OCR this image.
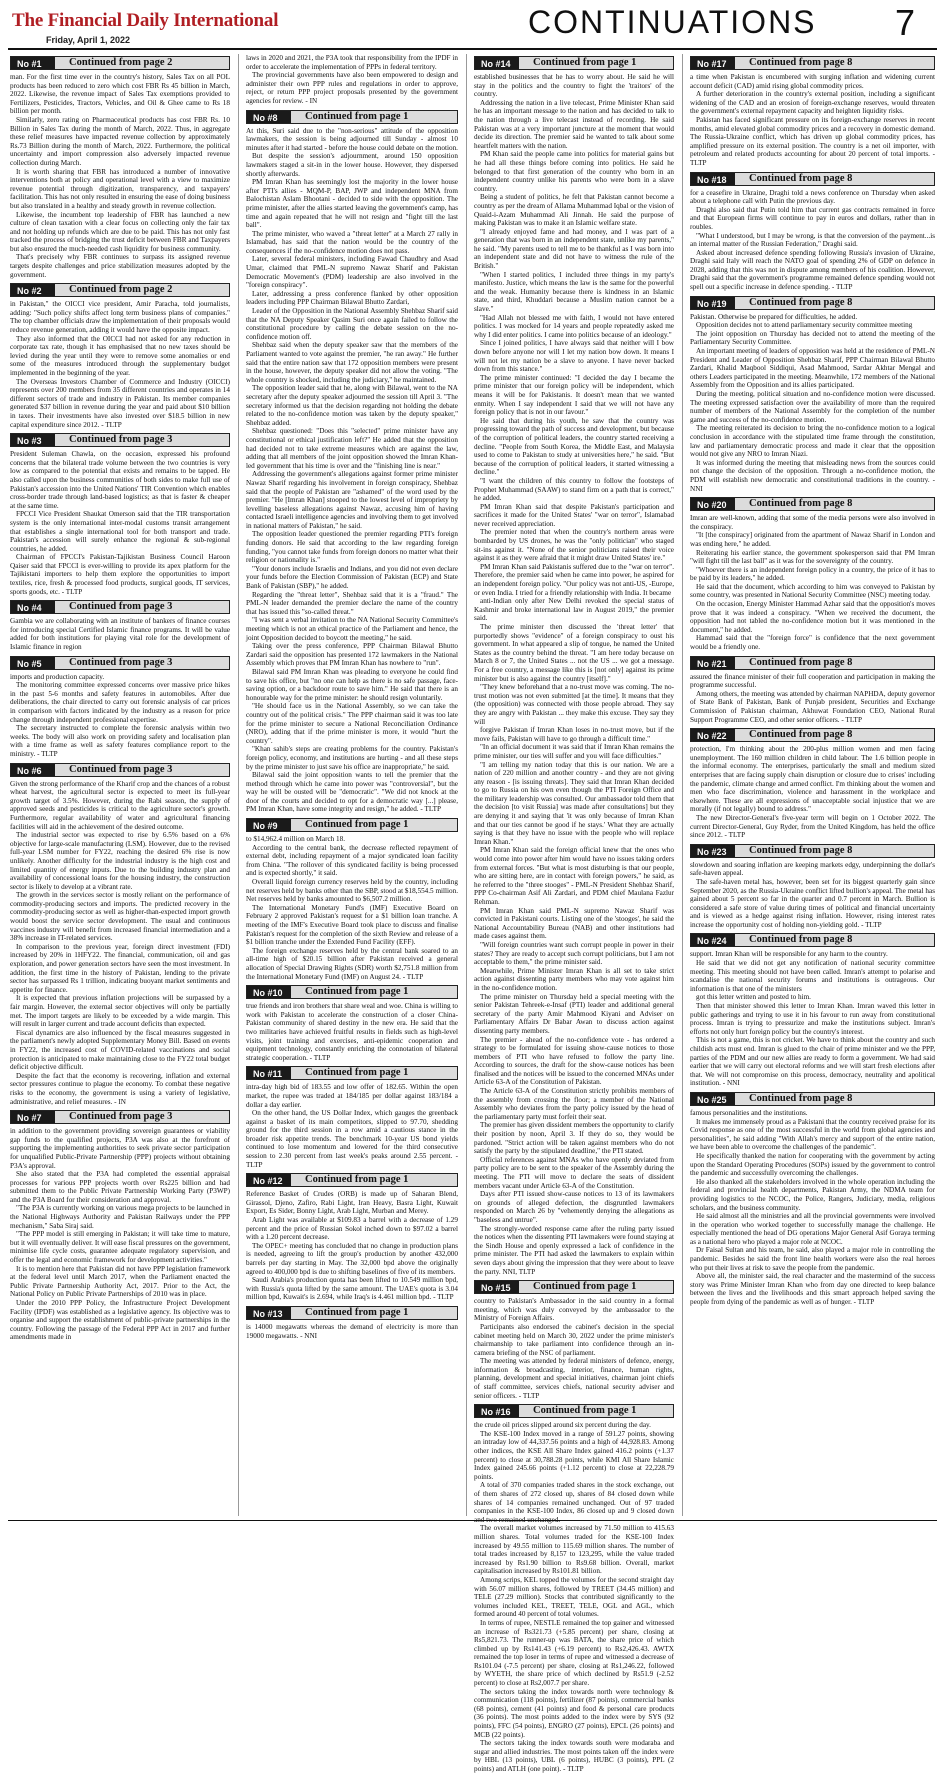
The Financial Daily International
Friday, April 1, 2022	CONTINUATIONS 7
No #1	Continued from page 2

man. For the first time ever in the country's history, Sales Tax on all POL products has been reduced to zero which cost FBR Rs 45 billion in March, 2022. Likewise, the revenue impact of Sales Tax exemptions provided to Fertilizers, Pesticides, Tractors, Vehicles, and Oil & Ghee came to Rs 18 billion per month.

Similarly, zero rating on Pharmaceutical products has cost FBR Rs. 10 Billion in Sales Tax during the month of March, 2022. Thus, in aggregate these relief measures have impacted revenue collection by approximately Rs.73 Billion during the month of March, 2022. Furthermore, the political uncertainty and import compression also adversely impacted revenue collection during March.

It is worth sharing that FBR has introduced a number of innovative interventions both at policy and operational level with a view to maximize revenue potential through digitization, transparency, and taxpayers' facilitation. This has not only resulted in ensuring the ease of doing business but also translated in a healthy and steady growth in revenue collection.

Likewise, the incumbent top leadership of FBR has launched a new culture of clean taxation with a clear focus on collecting only the fair tax and not holding up refunds which are due to be paid. This has not only fast tracked the process of bridging the trust deficit between FBR and Taxpayers but also ensured the much-needed cash liquidity for business community.

That's precisely why FBR continues to surpass its assigned revenue targets despite challenges and price stabilization measures adopted by the government.

No #2	Continued from page 2

in Pakistan," the OICCI vice president, Amir Paracha, told journalists, adding: "Such policy shifts affect long term business plans of companies." The top chamber officials draw the implementation of their proposals would reduce revenue generation, adding it would have the opposite impact.

They also informed that the OICCI had not asked for any reduction in corporate tax rate, though it has emphasised that no new taxes should be levied during the year until they were to remove some anomalies or end some of the measures introduced through the supplementary budget implemented in the beginning of the year.

The Overseas Investors Chamber of Commerce and Industry (OICCI) represents over 200 members from 35 different countries and operates in 14 different sectors of trade and industry in Pakistan. Its member companies generated $37 billion in revenue during the year and paid about $10 billion in taxes. Their investments have also invested over $18.5 billion in new capital expenditure since 2012. - TLTP

No #3	Continued from page 3

President Suleman Chawla, on the occasion, expressed his profound concerns that the bilateral trade volume between the two countries is very low as compared to the potential that exists and remains to be tapped. He also called upon the business communities of both sides to make full use of Pakistan's accession into the United Nations' TIR Convention which enables cross-border trade through land-based logistics; as that is faster & cheaper at the same time.

FPCCI Vice President Shaukat Omerson said that the TIR transportation system is the only international inter-modal customs transit arrangement that establishes a single international tool for both transport and trade. Pakistan's accession will surely enhance the regional & sub-regional countries, he added.

Chairman of FPCCI's Pakistan-Tajikistan Business Council Haroon Qaiser said that FPCCI is ever-willing to provide its apex platform for the Tajikistani importers to help them explore the opportunities to import textiles, rice, fresh & processed food products, surgical goods, IT services, sports goods, etc. - TLTP

No #4	Continued from page 3

Gambia we are collaborating with an institute of bankers of finance courses for introducing special Certified Islamic finance programs. It will be value added for both institutions for playing vital role for the development of Islamic finance in region

No #5	Continued from page 3

imports and production capacity.

The monitoring committee expressed concerns over massive price hikes in the past 5-6 months and safety features in automobiles. After due deliberations, the chair directed to carry out forensic analysis of car prices in comparison with factors indicated by the industry as a reason for price change through independent professional expertise.

The secretary instructed to complete the forensic analysis within two weeks. The body will also work on providing safety and localisation plan with a time frame as well as safety features compliance report to the ministry. - TLTP

No #6	Continued from page 3

Given the strong performance of the Kharif crop and the chances of a robust wheat harvest, the agricultural sector is expected to meet its full-year growth target of 3.5%. However, during the Rabi season, the supply of approved seeds and pesticides is critical to the agriculture sector's growth. Furthermore, regular availability of water and agricultural financing facilities will aid in the achievement of the desired outcome.

The industrial sector was expected to rise by 6.5% based on a 6% objective for large-scale manufacturing (LSM). However, due to the revised full-year LSM number for FY22, reaching the desired 6% rise is now unlikely. Another difficulty for the industrial industry is the high cost and limited quantity of energy inputs. Due to the building industry plan and availability of concessional loans for the housing industry, the construction sector is likely to develop at a vibrant rate.

The growth in the services sector is mostly reliant on the performance of commodity-producing sectors and imports. The predicted recovery in the commodity-producing sector as well as higher-than-expected import growth would boost the service sector development. The usual and continuous vaccines industry will benefit from increased financial intermediation and a 38% increase in IT-related services.

In comparison to the previous year, foreign direct investment (FDI) increased by 20% in 1HFY22. The financial, communication, oil and gas exploration, and power generation sectors have seen the most investment. In addition, the first time in the history of Pakistan, lending to the private sector has surpassed Rs 1 trillion, indicating buoyant market sentiments and appetite for finance.

It is expected that previous inflation projections will be surpassed by a fair margin. However, the external sector objectives will only be partially met. The import targets are likely to be exceeded by a wide margin. This will result in larger current and trade account deficits than expected.

Fiscal dynamics are also influenced by the fiscal measures suggested in the parliament's newly adopted Supplementary Money Bill. Based on events in FY22, the increased cost of COVID-related vaccinations and social protection is anticipated to make maintaining close to the FY22 total budget deficit objective difficult.

Despite the fact that the economy is recovering, inflation and external sector pressures continue to plague the economy. To combat these negative risks to the economy, the government is using a variety of legislative, administrative, and relief measures. - IN

No #7	Continued from page 3

in addition to the government providing sovereign guarantees or viability gap funds to the qualified projects, P3A was also at the forefront of supporting the implementing authorities to seek private sector participation for unqualified Public-Private Partnership (PPP) projects without obtaining P3A's approval.

She also stated that the P3A had completed the essential appraisal processes for various PPP projects worth over Rs225 billion and had submitted them to the Public Private Partnership Working Party (P3WP) and the P3A Board for their consideration and approval.

"The P3A is currently working on various mega projects to be launched in the National Highways Authority and Pakistan Railways under the PPP mechanism," Saba Siraj said.

"The PPP model is still emerging in Pakistan; it will take time to mature, but it will eventually deliver. It will ease fiscal pressures on the government, minimise life cycle costs, guarantee adequate regulatory supervision, and offer the legal and economic framework for development activities."

It is to mention here that Pakistan did not have PPP legislation framework at the federal level until March 2017, when the Parliament enacted the Public Private Partnership Authority Act, 2017. Prior to the Act, the National Policy on Public Private Partnerships of 2010 was in place.

Under the 2010 PPP Policy, the Infrastructure Project Development Facility (IPDF) was established as a legislative agency. Its objective was to organise and support the establishment of public-private partnerships in the country. Following the passage of the Federal PPP Act in 2017 and further amendments made in

laws in 2020 and 2021, the P3A took that responsibility from the IPDF in order to accelerate the implementation of PPPs in federal territory.

The provincial governments have also been empowered to design and administer their own PPP rules and regulations in order to approve, reject, or return PPP project proposals presented by the government agencies for review. - IN

No #8	Continued from page 1

At this, Suri said due to the "non-serious" attitude of the opposition lawmakers, the session is being adjourned till Sunday - almost 10 minutes after it had started - before the house could debate on the motion.

But despite the session's adjournment, around 150 opposition lawmakers staged a sit-in in the lower house. However, they dispersed shortly afterwards.

PM Imran Khan has seemingly lost the majority in the lower house after PTI's allies - MQM-P, BAP, JWP and independent MNA from Balochistan Aslam Bhootani - decided to side with the opposition. The prime minister, after the allies started leaving the government's camp, has time and again repeated that he will not resign and "fight till the last ball".

The prime minister, who waved a "threat letter" at a March 27 rally in Islamabad, has said that the nation would be the country of the consequences if the no-confidence motion does not pass.

Later, several federal ministers, including Fawad Chaudhry and Asad Umar, claimed that PML-N supremo Nawaz Sharif and Pakistan Democratic Movement's (PDM) leadership are also involved in the "foreign conspiracy".

Later, addressing a press conference flanked by other opposition leaders including PPP Chairman Bilawal Bhutto Zardari,

Leader of the Opposition in the National Assembly Shehbaz Sharif said that the NA Deputy Speaker Qasim Suri once again failed to follow the constitutional procedure by calling the debate session on the no-confidence motion off.

Shehbaz said when the deputy speaker saw that the members of the Parliament wanted to vote against the premier, "he ran away." He further said that the entire nation saw that 172 opposition members were present in the house, however, the deputy speaker did not allow the voting. "The whole country is shocked, including the judiciary," he maintained.

The opposition leader said that he, along with Bilawal, went to the NA secretary after the deputy speaker adjourned the session till April 3. "The secretary informed us that the decision regarding not holding the debate related to the no-confidence motion was taken by the deputy speaker," Shehbaz added.

Shehbaz questioned: "Does this "selected" prime minister have any constitutional or ethical justification left?" He added that the opposition had decided not to take extreme measures which are against the law, adding that all members of the joint opposition showed the Imran Khan-led government that his time is over and the "finishing line is near."

Addressing the government's allegations against former prime minister Nawaz Sharif regarding his involvement in foreign conspiracy, Shehbaz said that the people of Pakistan are "ashamed" of the word used by the premier. "He [Imran Khan] stooped to the lowest level of impropriety by levelling baseless allegations against Nawaz, accusing him of having contacted Israeli intelligence agencies and involving them to get involved in national matters of Pakistan," he said.

The opposition leader questioned the premier regarding PTI's foreign funding donors. He said that according to the law regarding foreign funding, "you cannot take funds from foreign donors no matter what their religion or nationality is."

"Your donors include Israelis and Indians, and you did not even declare your funds before the Election Commission of Pakistan (ECP) and State Bank of Pakistan (SBP)," he added.

Regarding the "threat letter", Shehbaz said that it is a "fraud." The PML-N leader demanded the premier declare the name of the country that has issued this "so-called threat."

"I was sent a verbal invitation to the NA National Security Committee's meeting which is not an ethical practice of the Parliament and hence, the joint Opposition decided to boycott the meeting," he said.

Taking over the press conference, PPP Chairman Bilawal Bhutto Zardari said the opposition has presented 172 lawmakers in the National Assembly which proves that PM Imran Khan has nowhere to "run".

Bilawal said PM Imran Khan was pleading to everyone he could find to save his office, but "no one can help as there is no safe passage, face-saving option, or a backdoor route to save him." He said that there is an honourable way for the prime minister: he should resign voluntarily.

"He should face us in the National Assembly, so we can take the country out of the political crisis." The PPP chairman said it was too late for the prime minister to secure a National Reconciliation Ordinance (NRO), adding that if the prime minister is more, it would "hurt the country".

"Khan sahib's steps are creating problems for the country. Pakistan's foreign policy, economy, and institutions are hurting - and all these steps by the prime minister to just save his office are inappropriate," he said.

Bilawal said the joint opposition wants to tell the premier that the method through which he came into power was "controversial", but the way he will be ousted will be "democratic". "We did not knock at the door of the courts and decided to opt for a democratic way [...] please, PM Imran Khan, have some integrity and resign," he added. - TLTP

No #9	Continued from page 1

to $14,962.4 million on March 18.

According to the central bank, the decrease reflected repayment of external debt, including repayment of a major syndicated loan facility from China. "The rollover of this syndicated facility is being processed and is expected shortly," it said.

Overall liquid foreign currency reserves held by the country, including net reserves held by banks other than the SBP, stood at $18,554.5 million. Net reserves held by banks amounted to $6,507.2 million.

The International Monetary Fund's (IMF) Executive Board on February 2 approved Pakistan's request for a $1 billion loan tranche. A meeting of the IMF's Executive Board took place to discuss and finalise Pakistan's request for the completion of the sixth Review and release of a $1 billion tranche under the Extended Fund Facility (EFF).

The foreign exchange reserves held by the central bank soared to an all-time high of $20.15 billion after Pakistan received a general allocation of Special Drawing Rights (SDR) worth $2,751.8 million from the International Monetary Fund (IMF) on August 24. - TLTP

No #10	Continued from page 1

true friends and iron brothers that share weal and woe. China is willing to work with Pakistan to accelerate the construction of a closer China-Pakistan community of shared destiny in the new era. He said that the two militaries have achieved fruitful results in fields such as high-level visits, joint training and exercises, anti-epidemic cooperation and equipment technology, constantly enriching the connotation of bilateral strategic cooperation. - TLTP

No #11	Continued from page 1

intra-day high bid of 183.55 and low offer of 182.65. Within the open market, the rupee was traded at 184/185 per dollar against 183/184 a dollar a day earlier.

On the other hand, the US Dollar Index, which gauges the greenback against a basket of its main competitors, slipped to 97.70, shedding ground for the third session in a row amid a cautious stance in the broader risk appetite trends. The benchmark 10-year US bond yields continued to lose momentum and lowered for the third consecutive session to 2.30 percent from last week's peaks around 2.55 percent. - TLTP

No #12	Continued from page 1

Reference Basket of Crudes (ORB) is made up of Saharan Blend, Girassol, Djeno, Zafiro, Rabi Light, Iran Heavy, Basra Light, Kuwait Export, Es Sider, Bonny Light, Arab Light, Murban and Merey.

Arab Light was available at $109.83 a barrel with a decrease of 1.29 percent and the price of Russian Sokol inched down to $97.02 a barrel with a 1.20 percent decrease.

The OPEC+ meeting has concluded that no change in production plans is needed, agreeing to lift the group's production by another 432,000 barrels per day starting in May. The 32,000 bpd above the originally agreed to 400,000 bpd is due to shifting baselines of five of its members.

Saudi Arabia's production quota has been lifted to 10.549 million bpd, with Russia's quota lifted by the same amount. The UAE's quota is 3.04 million bpd, Kuwait's is 2.694, while Iraq's is 4.461 million bpd. - TLTP

No #13	Continued from page 1

is 14000 megawatts whereas the demand of electricity is more than 19000 megawatts. - NNI

No #14	Continued from page 1

established businesses that he has to worry about. He said he will stay in the politics and the country to fight the 'traitors' of the country.

Addressing the nation in a live telecast, Prime Minister Khan said he has an important message to the nation and has decided to talk to the nation through a live telecast instead of recording. He said Pakistan was at a very important juncture at the moment that would decide its direction. The premier said he wanted to talk about some heartfelt matters with the nation.

PM Khan said the people came into politics for material gains but he had all these things before coming into politics. He said he belonged to that first generation of the country who born in an independent country unlike his parents who were born in a slave country.

Being a student of politics, he felt that Pakistan cannot become a country as per the dream of Allama Muhammad Iqbal or the vision of Quaid-i-Azam Muhammad Ali Jinnah. He said the purpose of making Pakistan was to make it an Islamic welfare state.

"I already enjoyed fame and had money, and I was part of a generation that was born in an independent state, unlike my parents," he said. "My parents used to tell me to be thankful as I was born into an independent state and did not have to witness the rule of the British."

"When I started politics, I included three things in my party's manifesto. Justice, which means the law is the same for the powerful and the weak. Humanity because there is kindness in an Islamic state, and third, Khuddari because a Muslim nation cannot be a slave."

"Had Allah not blessed me with faith, I would not have entered politics. I was mocked for 14 years and people repeatedly asked me why I did enter politics. I came into politics because of an ideology."

Since I joined politics, I have always said that neither will I bow down before anyone nor will I let my nation bow down. It means I will not let my nation be a slave to anyone. I have never backed down from this stance."

The prime minister continued: "I decided the day I became the prime minister that our foreign policy will be independent, which means it will be for Pakistanis. It doesn't mean that we wanted enmity. When I say independent I said that we will not have any foreign policy that is not in our favour."

He said that during his youth, he saw that the country was progressing toward the path of success and development, but because of the corruption of political leaders, the country started receiving a decline. "People from South Korea, the Middle East, and Malaysia used to come to Pakistan to study at universities here," he said. "But because of the corruption of political leaders, it started witnessing a decline."

"I want the children of this country to follow the footsteps of Prophet Muhammad (SAAW) to stand firm on a path that is correct," he added.

PM Imran Khan said that despite Pakistan's participation and sacrifices it made for the United States' "war on terror", Islamabad never received appreciation.

The premier noted that when the country's northern areas were bombarded by US drones, he was the "only politician" who staged sit-ins against it. "None of the senior politicians raised their voice against it as they were afraid that it might draw United States' ire."

PM Imran Khan said Pakistanis suffered due to the "war on terror". Therefore, the premier said when he came into power, he aspired for an independent foreign policy. "Our policy was not anti-US, -Europe, or even India. I tried for a friendly relationship with India. It became

anti-Indian only after New Delhi revoked the special status of Kashmir and broke international law in August 2019," the premier said.

The prime minister then discussed the 'threat letter' that purportedly shows "evidence" of a foreign conspiracy to oust his government. In what appeared a slip of tongue, he named the United States as the country behind the threat. "I am here today because on March 8 or 7, the United States ... not the US ... we got a message. For a free country, a message like this is [not only] against its prime minister but is also against the country [itself]."

"They knew beforehand that a no-trust move was coming. The no-trust motion was not even submitted [at the time]. It means that they (the opposition) was connected with those people abroad. They say they are angry with Pakistan ... they make this excuse. They say they will

forgive Pakistan if Imran Khan loses in no-trust move, but if the move fails, Pakistan will have to go through a difficult time."

"In an official document it was said that if Imran Khan remains the prime minister, our ties will suffer and you will face difficulties."

"I am telling my nation today that this is our nation. We are a nation of 220 million and another country - and they are not giving any reason - [is issuing threats]. They said that Imran Khan decided to go to Russia on his own even though the PTI Foreign Office and the military leadership was consulted. Our ambassador told them that the decision [to visit Russia] was made after consultations] but they are denying it and saying that 'it was only because of Imran Khan and that our ties cannot be good if he stays.' What they are actually saying is that they have no issue with the people who will replace Imran Khan."

PM Imran Khan said the foreign official knew that the ones who would come into power after him would have no issues taking orders from external forces. "But what is most disturbing is that our people, who are sitting here, are in contact with foreign powers," he said, as he referred to the "three stooges" - PML-N President Shehbaz Sharif, PPP Co-chairman Asif Ali Zardari, and PDM chief Maulana Fazlur Rehman.

PM Imran Khan said PML-N supremo Nawaz Sharif was convicted in Pakistani courts. Listing one of the 'stooges', he said the National Accountability Bureau (NAB) and other institutions had made cases against them.

"Will foreign countries want such corrupt people in power in their states? They are ready to accept such corrupt politicians, but I am not acceptable to them," the prime minister said.

Meanwhile, Prime Minister Imran Khan is all set to take strict action against dissenting party members who may vote against him in the no-confidence motion.

The prime minister on Thursday held a special meeting with the senior Pakistan Tehreek-e-Insaf (PTI) leader and additional general secretary of the party Amir Mahmood Kiyani and Adviser on Parliamentary Affairs Dr Babar Awan to discuss action against dissenting party members.

The premier - ahead of the no-confidence vote - has ordered a strategy to be formulated for issuing show-cause notices to those members of PTI who have refused to follow the party line. According to sources, the draft for the show-cause notices has been finalised and the notices will be issued to the concerned MNAs under Article 63-A of the Constitution of Pakistan.

The Article 63-A of the Constitution strictly prohibits members of the assembly from crossing the floor; a member of the National Assembly who deviates from the party policy issued by the head of the parliamentary party must forfeit their seat.

The premier has given dissident members the opportunity to clarify their position by noon, April 3. If they do so, they would be pardoned. "Strict action will be taken against members who do not satisfy the party by the stipulated deadline," the PTI stated.

Official references against MNAs who have openly deviated from party policy are to be sent to the speaker of the Assembly during the meeting. The PTI will move to declare the seats of dissident members vacant under Article 63-A of the Constitution.

Days after PTI issued show-cause notices to 13 of its lawmakers on grounds of alleged defection, the disgruntled lawmakers responded on March 26 by "vehemently denying the allegations as "baseless and untrue".

The strongly-worded response came after the ruling party issued the notices when the dissenting PTI lawmakers were found staying at the Sindh House and openly expressed a lack of confidence in the prime minister. The PTI had asked the lawmakers to explain within seven days about giving the impression that they were about to leave the party. NNI, TLTP

No #15	Continued from page 1

country to Pakistan's Ambassador in the said country in a formal meeting, which was duly conveyed by the ambassador to the Ministry of Foreign Affairs.

Participants also endorsed the cabinet's decision in the special cabinet meeting held on March 30, 2022 under the prime minister's chairmanship to take parliament into confidence through an in-camera briefing of the NSC of parliament.

The meeting was attended by federal ministers of defence, energy, information & broadcasting, interior, finance, human rights, planning, development and special initiatives, chairman joint chiefs of staff committee, services chiefs, national security adviser and senior officers. - TLTP

No #16	Continued from page 1

the crude oil prices slipped around six percent during the day.

The KSE-100 Index moved in a range of 591.27 points, showing an intraday low of 44,337.56 points and a high of 44,928.83. Among other indices, the KSE All Share Index gained 416.2 points (+1.37 percent) to close at 30,788.28 points, while KMI All Share Islamic Index gained 245.66 points (+1.12 percent) to close at 22,228.79 points.

A total of 370 companies traded shares in the stock exchange, out of them shares of 272 closed up, shares of 84 closed down while shares of 14 companies remained unchanged. Out of 97 traded companies in the KSE-100 Index, 86 closed up and 9 closed down

The overall market volumes increased by 71.50 million to 415.63 million shares. Total volumes traded for the KSE-100 Index increased by 49.55 million to 115.69 million shares. The number of total trades increased by 8,157 to 123,295, while the value traded increased by Rs1.90 billion to Rs9.68 billion. Overall, market capitalisation increased by Rs101.81 billion.

Among scrips, KEL topped the volumes for the second straight day with 56.07 million shares, followed by TREET (34.45 million) and TELE (27.29 million). Stocks that contributed significantly to the volumes included KEL, TREET, TELE, OGL and AGL, which formed around 40 percent of total volumes.

In terms of rupee, NESTLE remained the top gainer and witnessed an increase of Rs321.73 (+5.85 percent) per share, closing at Rs5,821.73. The runner-up was BATA, the share price of which climbed up by Rs141.43 (+6.19 percent) to Rs2,426.43. AWTX remained the top loser in terms of rupee and witnessed a decrease of Rs101.04 (-7.5 percent) per share, closing at Rs1,246.22, followed by WYETH, the share price of which declined by Rs51.9 (-2.52 percent) to close at Rs2,007.7 per share.

The sectors taking the index towards north were technology & communication (118 points), fertilizer (87 points), commercial banks (68 points), cement (41 points) and food & personal care products (36 points). The most points added to the index were by SYS (92 points), FFC (54 points), ENGRO (27 points), EPCL (26 points) and MCB (22 points).

The sectors taking the index towards south were modaraba and sugar and allied industries. The most points taken off the index were by HBL (13 points), UBL (6 points), HUBC (3 points), PPL (2 points) and ATLH (one point). - TLTP

No #17	Continued from page 8

a time when Pakistan is encumbered with surging inflation and widening current account deficit (CAD) amid rising global commodity prices.

A further deterioration in the country's external position, including a significant widening of the CAD and an erosion of foreign-exchange reserves, would threaten the government's external repayment capacity and heighten liquidity risks.

Pakistan has faced significant pressure on its foreign-exchange reserves in recent months, amid elevated global commodity prices and a recovery in domestic demand. The Russia-Ukraine conflict, which has driven up global commodity prices, has amplified pressure on its external position. The country is a net oil importer, with petroleum and related products accounting for about 20 percent of total imports. - TLTP

No #18	Continued from page 8

for a ceasefire in Ukraine, Draghi told a news conference on Thursday when asked about a telephone call with Putin the previous day.

Draghi also said that Putin told him that current gas contracts remained in force and that European firms will continue to pay in euros and dollars, rather than in roubles.

"What I understood, but I may be wrong, is that the conversion of the payment...is an internal matter of the Russian Federation," Draghi said.

Asked about increased defence spending following Russia's invasion of Ukraine, Draghi said Italy will reach the NATO goal of spending 2% of GDP on defence in 2028, adding that this was not in dispute among members of his coalition. However, Draghi said that the government's programme remained defence spending would not spell out a specific increase in defence spending. - TLTP

No #19	Continued from page 8

Pakistan. Otherwise be prepared for difficulties, he added.

Opposition decides not to attend parliamentary security committee meeting

The joint opposition on Thursday has decided not to attend the meeting of the Parliamentary Security Committee.

An important meeting of leaders of opposition was held at the residence of PML-N President and Leader of Opposition Shehbaz Sharif, PPP Chairman Bilawal Bhutto Zardari, Khalid Maqbool Siddiqui, Asad Mahmood, Sardar Akhtar Mengal and others Leaders participated in the meeting. Meanwhile, 172 members of the National Assembly from the Opposition and its allies participated.

During the meeting, political situation and no-confidence motion were discussed. The meeting expressed satisfaction over the availability of more than the required number of members of the National Assembly for the completion of the number game and success of the no-confidence motion.

The meeting reiterated its decision to bring the no-confidence motion to a logical conclusion in accordance with the stipulated time frame through the constitution, law and parliamentary democratic process and made it clear that the opposition would not give any NRO to Imran Niazi.

It was informed during the meeting that misleading news from the sources could not change the decision of the opposition. Through a no-confidence motion, the PDM will establish new democratic and constitutional traditions in the country. - NNI

No #20	Continued from page 8

Imran are well-known, adding that some of the media persons were also involved in the conspiracy.

"It [the conspiracy] originated from the apartment of Nawaz Sharif in London and was ending here," he added.

Reiterating his earlier stance, the government spokesperson said that PM Imran "will fight till the last ball" as it was for the sovereignty of the country.

"Whoever there is an independent foreign policy in a country, the price of it has to be paid by its leaders," he added.

He said that the document, which according to him was conveyed to Pakistan by some country, was presented in National Security Committee (NSC) meeting today.

On the occasion, Energy Minister Hammad Azhar said that the opposition's moves prove that it was indeed a conspiracy. "When we received the document, the opposition had not tabled the no-confidence motion but it was mentioned in the document," he added.

Hammad said that the "foreign force" is confidence that the next government would be a friendly one.

No #21	Continued from page 8

assured the finance minister of their full cooperation and participation in making the programme successful.

Among others, the meeting was attended by chairman NAPHDA, deputy governor of State Bank of Pakistan, Bank of Punjab president, Securities and Exchange Commission of Pakistan chairman, Akhuwat Foundation CEO, National Rural Support Programme CEO, and other senior officers. - TLTP

No #22	Continued from page 8

protection, I'm thinking about the 200-plus million women and men facing unemployment. The 160 million children in child labour. The 1.6 billion people in the informal economy. The enterprises, particularly the small and medium sized enterprises that are facing supply chain disruption or closure due to crises' including the pandemic, climate change and armed conflict. I'm thinking about the women and men who face discrimination, violence and harassment in the workplace and elsewhere. These are all expressions of unacceptable social injustice that we are morally (if not legally) bound to address."

The new Director-General's five-year term will begin on 1 October 2022. The current Director-General, Guy Ryder, from the United Kingdom, has held the office since 2012. - TLTP

No #23	Continued from page 8

slowdown and soaring inflation are keeping markets edgy, underpinning the dollar's safe-haven appeal.

The safe-haven metal has, however, been set for its biggest quarterly gain since September 2020, as the Russia-Ukraine conflict lifted bullion's appeal. The metal has gained about 5 percent so far in the quarter and 0.7 percent in March. Bullion is considered a safe store of value during times of political and financial uncertainty and is viewed as a hedge against rising inflation. However, rising interest rates increase the opportunity cost of holding non-yielding gold. - TLTP

No #24	Continued from page 8

support. Imran Khan will be responsible for any harm to the country.

He said that we did not get any notification of national security committee meeting. This meeting should not have been called. Imran's attempt to polarise and scandalise the national security forums and institutions is outrageous. Our information is that one of the ministers

got this letter written and posted to him.

Then that minister showed this letter to Imran Khan. Imran waved this letter in public gatherings and trying to use it in his favour to run away from constitutional process. Imran is trying to pressurize and make the institutions subject. Imran's efforts not only hurt foreign policy but the country's interest.

This is not a game, this is not cricket. We have to think about the country and such childish acts must end. Imran is glued to the chair of prime minister and we the PPP, parties of the PDM and our new allies are ready to form a government. We had said earlier that we will carry out electoral reforms and we will start fresh elections after that. We will not compromise on this process, democracy, neutrality and apolitical institution. - NNI

No #25	Continued from page 8

famous personalities and the institutions.

It makes me immensely proud as a Pakistani that the country received praise for its Covid response as one of the most successful in the world from global agencies and personalities", he said adding "With Allah's mercy and support of the entire nation, we have been able to overcome the challenges of the pandemic".

He specifically thanked the nation for cooperating with the government by acting upon the Standard Operating Procedures (SOPs) issued by the government to control the pandemic and successfully overcoming the challenges.

He also thanked all the stakeholders involved in the whole operation including the federal and provincial health departments, Pakistan Army, the NDMA team for providing logistics to the NCOC, the Police, Rangers, Judiciary, media, religious scholars, and the business community.

He said almost all the ministries and all the provincial governments were involved in the operation who worked together to successfully manage the challenge. He especially mentioned the head of DG operations Major General Asif Goraya terming as a national hero who played a major role at NCOC.

Dr Faisal Sultan and his team, he said, also played a major role in controlling the pandemic. Besides he said the front line health workers were also the real heroes who put their lives at risk to save the people from the pandemic.

Above all, the minister said, the real character and the mastermind of the success story was Prime Minister Imran Khan who from day one directed to keep balance between the lives and the livelihoods and this smart approach helped saving the people from dying of the pandemic as well as of hunger. - TLTP
